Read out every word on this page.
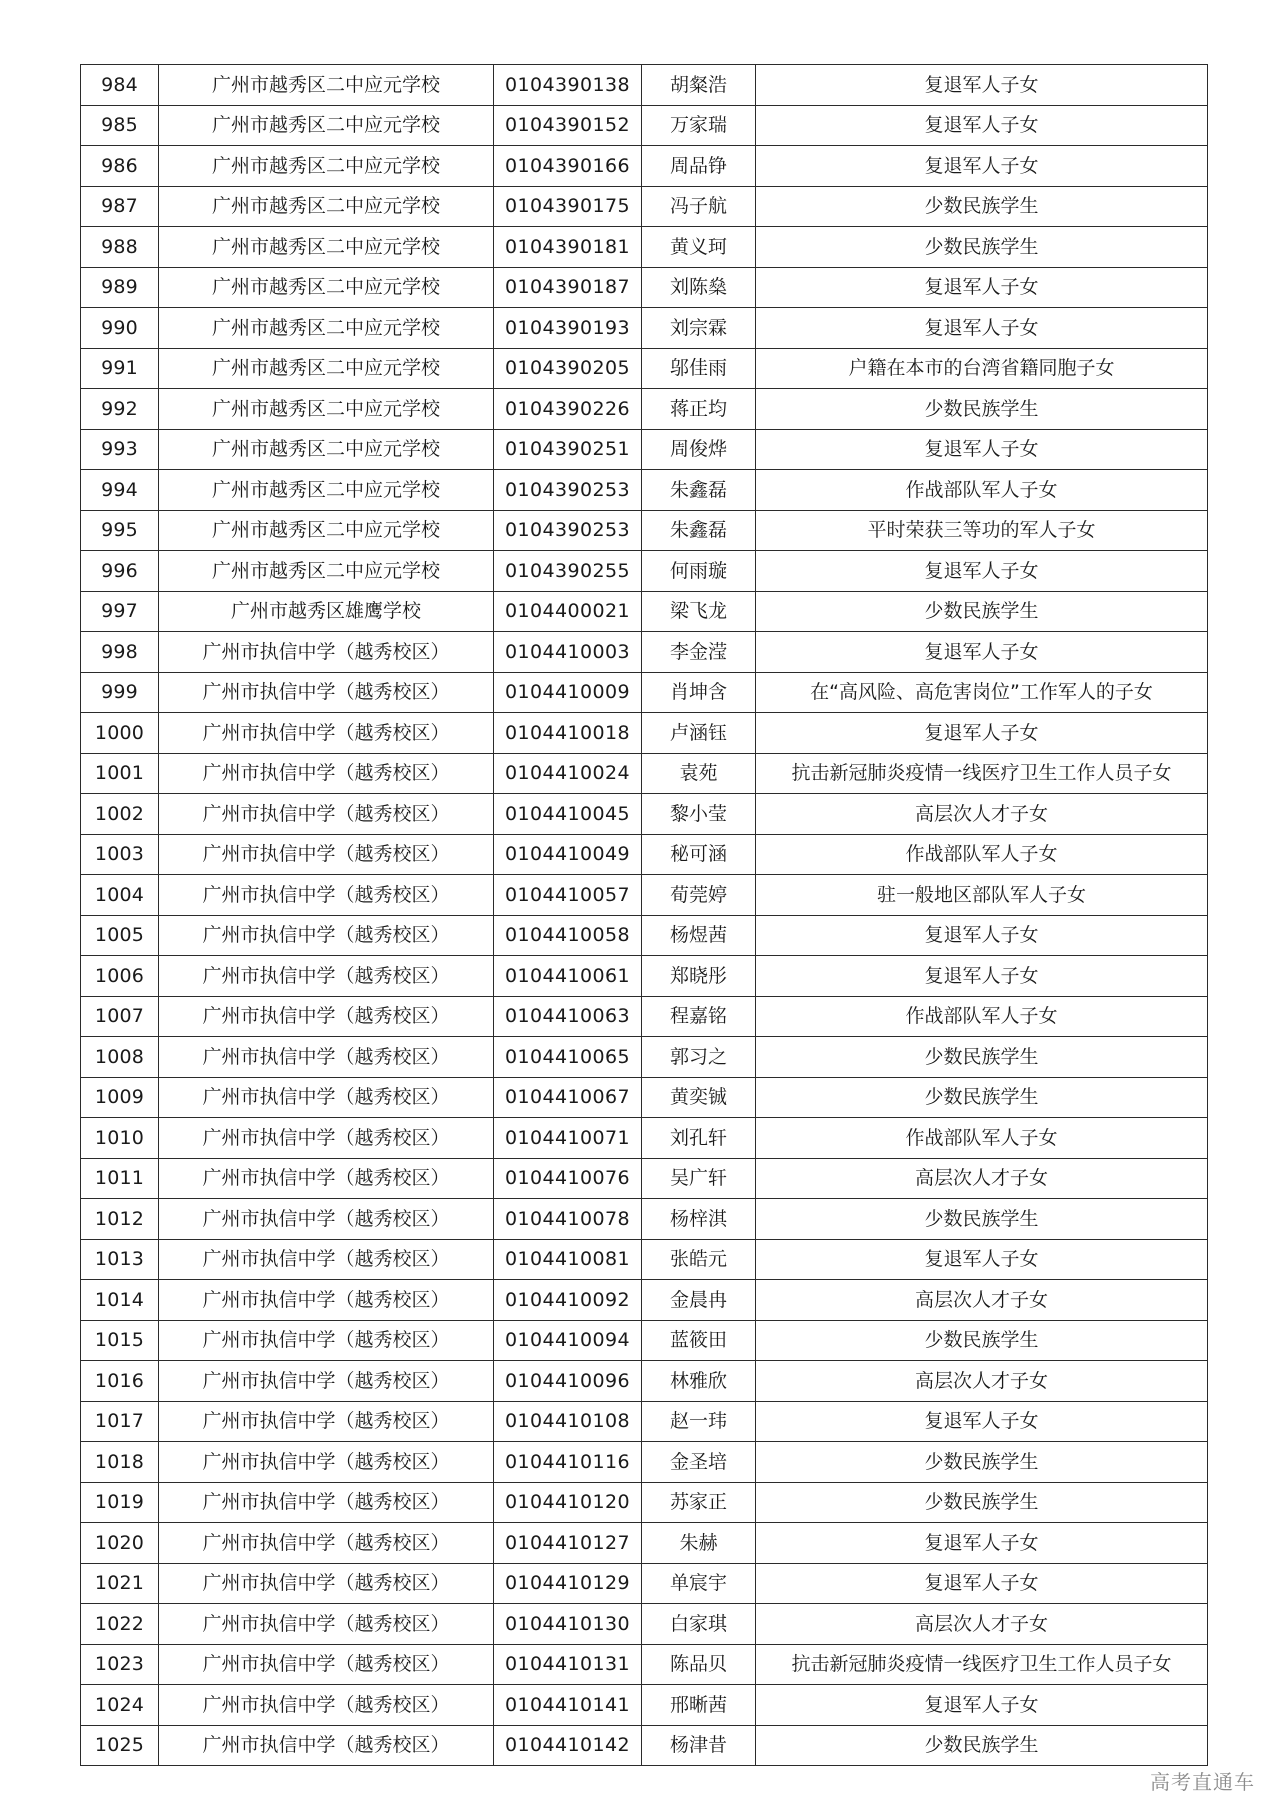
984	广州市越秀区二中应元学校	0104390138	胡粲浩	复退军人子女
985	广州市越秀区二中应元学校	0104390152	万家瑞	复退军人子女
986	广州市越秀区二中应元学校	0104390166	周品铮	复退军人子女
987	广州市越秀区二中应元学校	0104390175	冯子航	少数民族学生
988	广州市越秀区二中应元学校	0104390181	黄义珂	少数民族学生
989	广州市越秀区二中应元学校	0104390187	刘陈燊	复退军人子女
990	广州市越秀区二中应元学校	0104390193	刘宗霖	复退军人子女
991	广州市越秀区二中应元学校	0104390205	邬佳雨	户籍在本市的台湾省籍同胞子女
992	广州市越秀区二中应元学校	0104390226	蒋正均	少数民族学生
993	广州市越秀区二中应元学校	0104390251	周俊烨	复退军人子女
994	广州市越秀区二中应元学校	0104390253	朱鑫磊	作战部队军人子女
995	广州市越秀区二中应元学校	0104390253	朱鑫磊	平时荣获三等功的军人子女
996	广州市越秀区二中应元学校	0104390255	何雨璇	复退军人子女
997	广州市越秀区雄鹰学校	0104400021	梁飞龙	少数民族学生
998	广州市执信中学（越秀校区）	0104410003	李金滢	复退军人子女
999	广州市执信中学（越秀校区）	0104410009	肖坤含	在“高风险、高危害岗位”工作军人的子女
1000	广州市执信中学（越秀校区）	0104410018	卢涵钰	复退军人子女
1001	广州市执信中学（越秀校区）	0104410024	袁苑	抗击新冠肺炎疫情一线医疗卫生工作人员子女
1002	广州市执信中学（越秀校区）	0104410045	黎小莹	高层次人才子女
1003	广州市执信中学（越秀校区）	0104410049	秘可涵	作战部队军人子女
1004	广州市执信中学（越秀校区）	0104410057	荀莞婷	驻一般地区部队军人子女
1005	广州市执信中学（越秀校区）	0104410058	杨煜茜	复退军人子女
1006	广州市执信中学（越秀校区）	0104410061	郑晓彤	复退军人子女
1007	广州市执信中学（越秀校区）	0104410063	程嘉铭	作战部队军人子女
1008	广州市执信中学（越秀校区）	0104410065	郭习之	少数民族学生
1009	广州市执信中学（越秀校区）	0104410067	黄奕铖	少数民族学生
1010	广州市执信中学（越秀校区）	0104410071	刘孔轩	作战部队军人子女
1011	广州市执信中学（越秀校区）	0104410076	吴广轩	高层次人才子女
1012	广州市执信中学（越秀校区）	0104410078	杨梓淇	少数民族学生
1013	广州市执信中学（越秀校区）	0104410081	张皓元	复退军人子女
1014	广州市执信中学（越秀校区）	0104410092	金晨冉	高层次人才子女
1015	广州市执信中学（越秀校区）	0104410094	蓝筱田	少数民族学生
1016	广州市执信中学（越秀校区）	0104410096	林雅欣	高层次人才子女
1017	广州市执信中学（越秀校区）	0104410108	赵一玮	复退军人子女
1018	广州市执信中学（越秀校区）	0104410116	金圣培	少数民族学生
1019	广州市执信中学（越秀校区）	0104410120	苏家正	少数民族学生
1020	广州市执信中学（越秀校区）	0104410127	朱赫	复退军人子女
1021	广州市执信中学（越秀校区）	0104410129	单宸宇	复退军人子女
1022	广州市执信中学（越秀校区）	0104410130	白家琪	高层次人才子女
1023	广州市执信中学（越秀校区）	0104410131	陈品贝	抗击新冠肺炎疫情一线医疗卫生工作人员子女
1024	广州市执信中学（越秀校区）	0104410141	邢晰茜	复退军人子女
1025	广州市执信中学（越秀校区）	0104410142	杨津昔	少数民族学生
高考直通车
